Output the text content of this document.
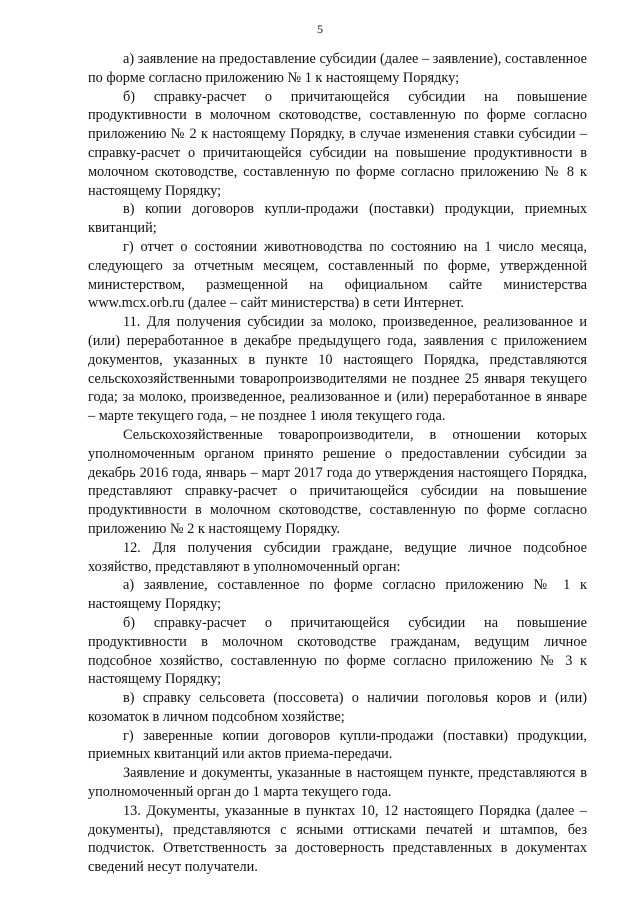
5

а) заявление на предоставление субсидии (далее – заявление), составленное по форме согласно приложению № 1 к настоящему Порядку;

б) справку-расчет о причитающейся субсидии на повышение продуктивности в молочном скотоводстве, составленную по форме согласно приложению № 2 к настоящему Порядку, в случае изменения ставки субсидии – справку-расчет о причитающейся субсидии на повышение продуктивности в молочном скотоводстве, составленную по форме согласно приложению № 8 к настоящему Порядку;

в) копии договоров купли-продажи (поставки) продукции, приемных квитанций;

г) отчет о состоянии животноводства по состоянию на 1 число месяца, следующего за отчетным месяцем, составленный по форме, утвержденной министерством, размещенной на официальном сайте министерства www.mcx.orb.ru (далее – сайт министерства) в сети Интернет.

11. Для получения субсидии за молоко, произведенное, реализованное и (или) переработанное в декабре предыдущего года, заявления с приложением документов, указанных в пункте 10 настоящего Порядка, представляются сельскохозяйственными товаропроизводителями не позднее 25 января текущего года; за молоко, произведенное, реализованное и (или) переработанное в январе – марте текущего года, – не позднее 1 июля текущего года.

Сельскохозяйственные товаропроизводители, в отношении которых уполномоченным органом принято решение о предоставлении субсидии за декабрь 2016 года, январь – март 2017 года до утверждения настоящего Порядка, представляют справку-расчет о причитающейся субсидии на повышение продуктивности в молочном скотоводстве, составленную по форме согласно приложению № 2 к настоящему Порядку.

12. Для получения субсидии граждане, ведущие личное подсобное хозяйство, представляют в уполномоченный орган:

а) заявление, составленное по форме согласно приложению № 1 к настоящему Порядку;

б) справку-расчет о причитающейся субсидии на повышение продуктивности в молочном скотоводстве гражданам, ведущим личное подсобное хозяйство, составленную по форме согласно приложению № 3 к настоящему Порядку;

в) справку сельсовета (поссовета) о наличии поголовья коров и (или) козоматок в личном подсобном хозяйстве;

г) заверенные копии договоров купли-продажи (поставки) продукции, приемных квитанций или актов приема-передачи.

Заявление и документы, указанные в настоящем пункте, представляются в уполномоченный орган до 1 марта текущего года.

13. Документы, указанные в пунктах 10, 12 настоящего Порядка (далее – документы), представляются с ясными оттисками печатей и штампов, без подчисток. Ответственность за достоверность представленных в документах сведений несут получатели.
